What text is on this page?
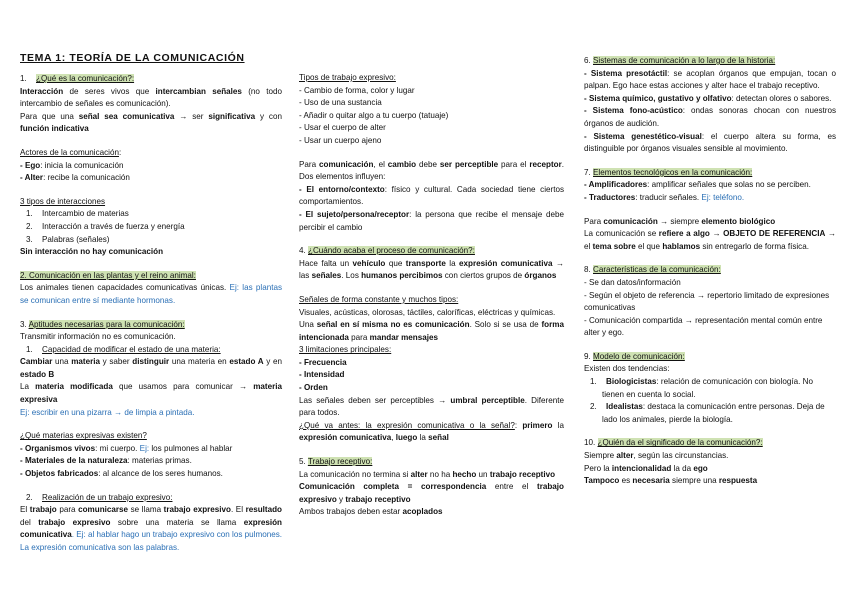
TEMA 1: TEORÍA DE LA COMUNICACIÓN

1. ¿Qué es la comunicación?:

Interacción de seres vivos que intercambian señales (no todo intercambio de señales es comunicación).

Para que una señal sea comunicativa → ser significativa y con función indicativa

Actores de la comunicación:

- Ego: inicia la comunicación

- Alter: recibe la comunicación

3 tipos de interacciones

1. Intercambio de materias

2. Interacción a través de fuerza y energía

3. Palabras (señales)

Sin interacción no hay comunicación

2. Comunicación en las plantas y el reino animal:

Los animales tienen capacidades comunicativas únicas. Ej: las plantas se comunican entre sí mediante hormonas.

3. Aptitudes necesarias para la comunicación:

Transmitir información no es comunicación.

1. Capacidad de modificar el estado de una materia:

Cambiar una materia y saber distinguir una materia en estado A y en estado B

La materia modificada que usamos para comunicar → materia expresiva

Ej: escribir en una pizarra → de limpia a pintada.

¿Qué materias expresivas existen?

- Organismos vivos: mi cuerpo. Ej: los pulmones al hablar

- Materiales de la naturaleza: materias primas.

- Objetos fabricados: al alcance de los seres humanos.

2. Realización de un trabajo expresivo:

El trabajo para comunicarse se llama trabajo expresivo. El resultado del trabajo expresivo sobre una materia se llama expresión comunicativa. Ej: al hablar hago un trabajo expresivo con los pulmones. La expresión comunicativa son las palabras.

Tipos de trabajo expresivo:

- Cambio de forma, color y lugar

- Uso de una sustancia

- Añadir o quitar algo a tu cuerpo (tatuaje)

- Usar el cuerpo de alter

- Usar un cuerpo ajeno

Para comunicación, el cambio debe ser perceptible para el receptor. Dos elementos influyen:

- El entorno/contexto: físico y cultural. Cada sociedad tiene ciertos comportamientos.

- El sujeto/persona/receptor: la persona que recibe el mensaje debe percibir el cambio

4. ¿Cuándo acaba el proceso de comunicación?:

Hace falta un vehículo que transporte la expresión comunicativa → las señales. Los humanos percibimos con ciertos grupos de órganos

Señales de forma constante y muchos tipos:

Visuales, acústicas, olorosas, táctiles, caloríficas, eléctricas y químicas.

Una señal en sí misma no es comunicación. Solo si se usa de forma intencionada para mandar mensajes

3 limitaciones principales:

- Frecuencia

- Intensidad

- Orden

Las señales deben ser perceptibles → umbral perceptible. Diferente para todos.

¿Qué va antes: la expresión comunicativa o la señal?: primero la expresión comunicativa, luego la señal

5. Trabajo receptivo:

La comunicación no termina si alter no ha hecho un trabajo receptivo

Comunicación completa = correspondencia entre el trabajo expresivo y trabajo receptivo

Ambos trabajos deben estar acoplados

6. Sistemas de comunicación a lo largo de la historia:

- Sistema presotáctil: se acoplan órganos que empujan, tocan o palpan. Ego hace estas acciones y alter hace el trabajo receptivo.

- Sistema químico, gustativo y olfativo: detectan olores o sabores.

- Sistema fono-acústico: ondas sonoras chocan con nuestros órganos de audición.

- Sistema genestético-visual: el cuerpo altera su forma, es distinguible por órganos visuales sensible al movimiento.

7. Elementos tecnológicos en la comunicación:

- Amplificadores: amplificar señales que solas no se perciben.

- Traductores: traducir señales. Ej: teléfono.

Para comunicación → siempre elemento biológico

La comunicación se refiere a algo → OBJETO DE REFERENCIA → el tema sobre el que hablamos sin entregarlo de forma física.

8. Características de la comunicación:

- Se dan datos/información

- Según el objeto de referencia → repertorio limitado de expresiones comunicativas

- Comunicación compartida → representación mental común entre alter y ego.

9. Modelo de comunicación:

Existen dos tendencias:

1. Biologicistas: relación de comunicación con biología. No tienen en cuenta lo social.

2. Idealistas: destaca la comunicación entre personas. Deja de lado los animales, pierde la biología.

10. ¿Quién da el significado de la comunicación?:

Siempre alter, según las circunstancias.

Pero la intencionalidad la da ego

Tampoco es necesaria siempre una respuesta
